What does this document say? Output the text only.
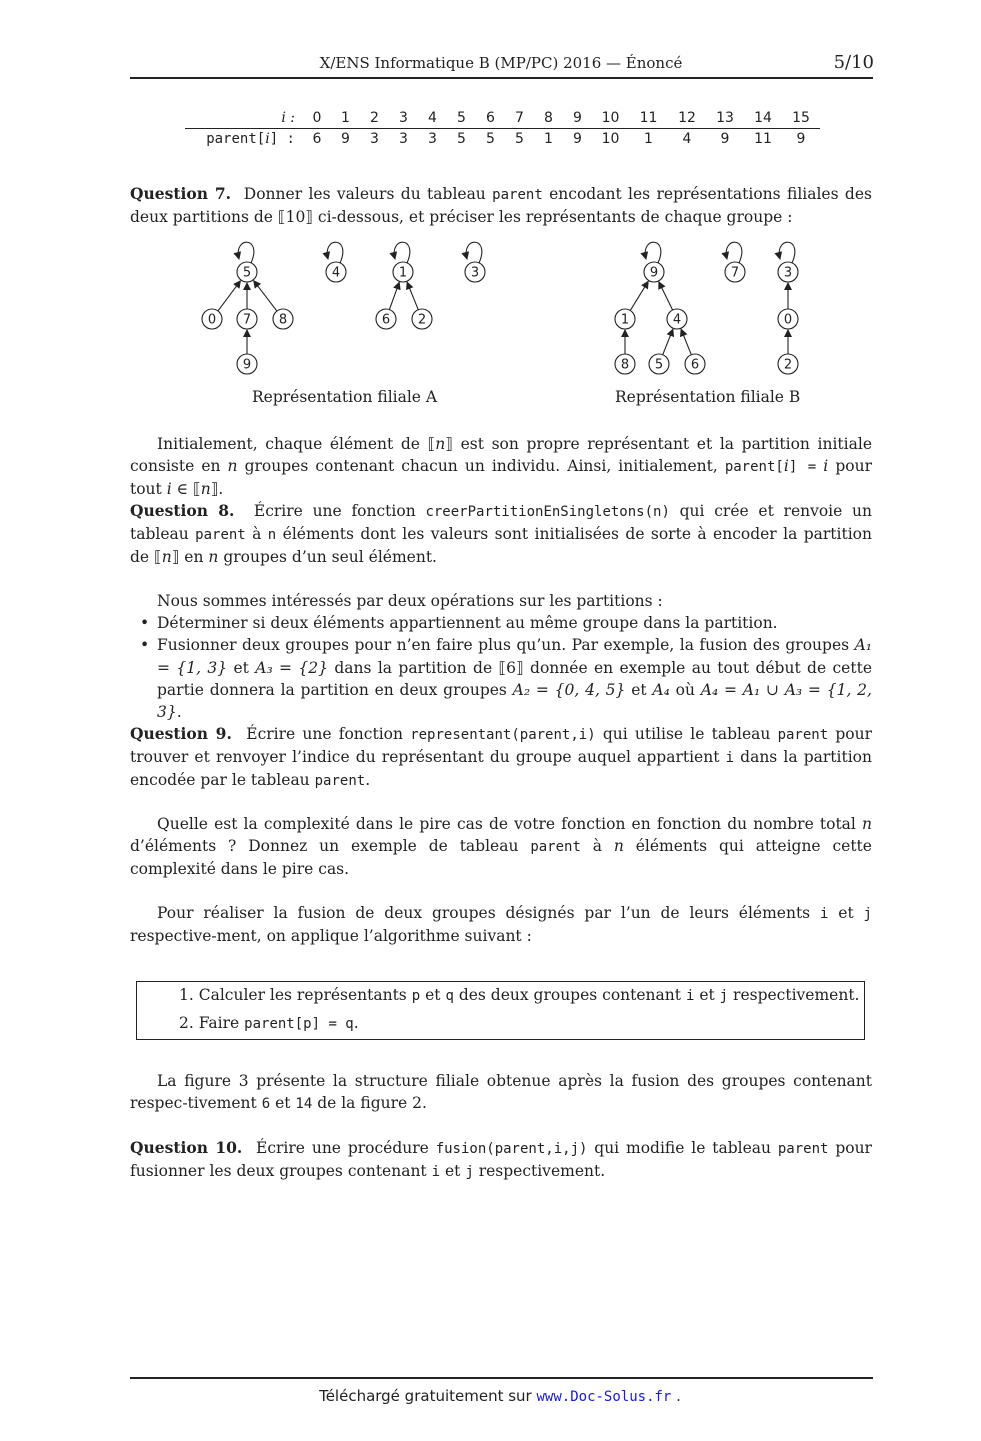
X/ENS Informatique B (MP/PC) 2016 — Énoncé	5/10
i :	0	1	2	3	4	5	6	7	8	9	10	11	12	13	14	15
parent[i] :	6	9	3	3	3	5	5	5	1	9	10	1	4	9	11	9

Question 7. Donner les valeurs du tableau parent encodant les représentations filiales des deux partitions de ⟦10⟧ ci-dessous, et préciser les représentants de chaque groupe :

5	4	1	3
0 7 8	6 2
9
9	7	3
1	4	0
8 5 6	2
Représentation filiale A	Représentation filiale B

Initialement, chaque élément de ⟦n⟧ est son propre représentant et la partition initiale consiste en n groupes contenant chacun un individu. Ainsi, initialement, parent[i] = i pour tout i ∈ ⟦n⟧.

Question 8. Écrire une fonction creerPartitionEnSingletons(n) qui crée et renvoie un tableau parent à n éléments dont les valeurs sont initialisées de sorte à encoder la partition de ⟦n⟧ en n groupes d’un seul élément.

Nous sommes intéressés par deux opérations sur les partitions :

• Déterminer si deux éléments appartiennent au même groupe dans la partition.
• Fusionner deux groupes pour n’en faire plus qu’un. Par exemple, la fusion des groupes A₁ = {1, 3} et A₃ = {2} dans la partition de ⟦6⟧ donnée en exemple au tout début de cette partie donnera la partition en deux groupes A₂ = {0, 4, 5} et A₄ où A₄ = A₁ ∪ A₃ = {1, 2, 3}.

Question 9. Écrire une fonction representant(parent,i) qui utilise le tableau parent pour trouver et renvoyer l’indice du représentant du groupe auquel appartient i dans la partition encodée par le tableau parent.

Quelle est la complexité dans le pire cas de votre fonction en fonction du nombre total n d’éléments ? Donnez un exemple de tableau parent à n éléments qui atteigne cette complexité dans le pire cas.

Pour réaliser la fusion de deux groupes désignés par l’un de leurs éléments i et j respective-ment, on applique l’algorithme suivant :

1. Calculer les représentants p et q des deux groupes contenant i et j respectivement.
2. Faire parent[p] = q.

La figure 3 présente la structure filiale obtenue après la fusion des groupes contenant respec-tivement 6 et 14 de la figure 2.

Question 10. Écrire une procédure fusion(parent,i,j) qui modifie le tableau parent pour fusionner les deux groupes contenant i et j respectivement.

Téléchargé gratuitement sur www.Doc-Solus.fr .
